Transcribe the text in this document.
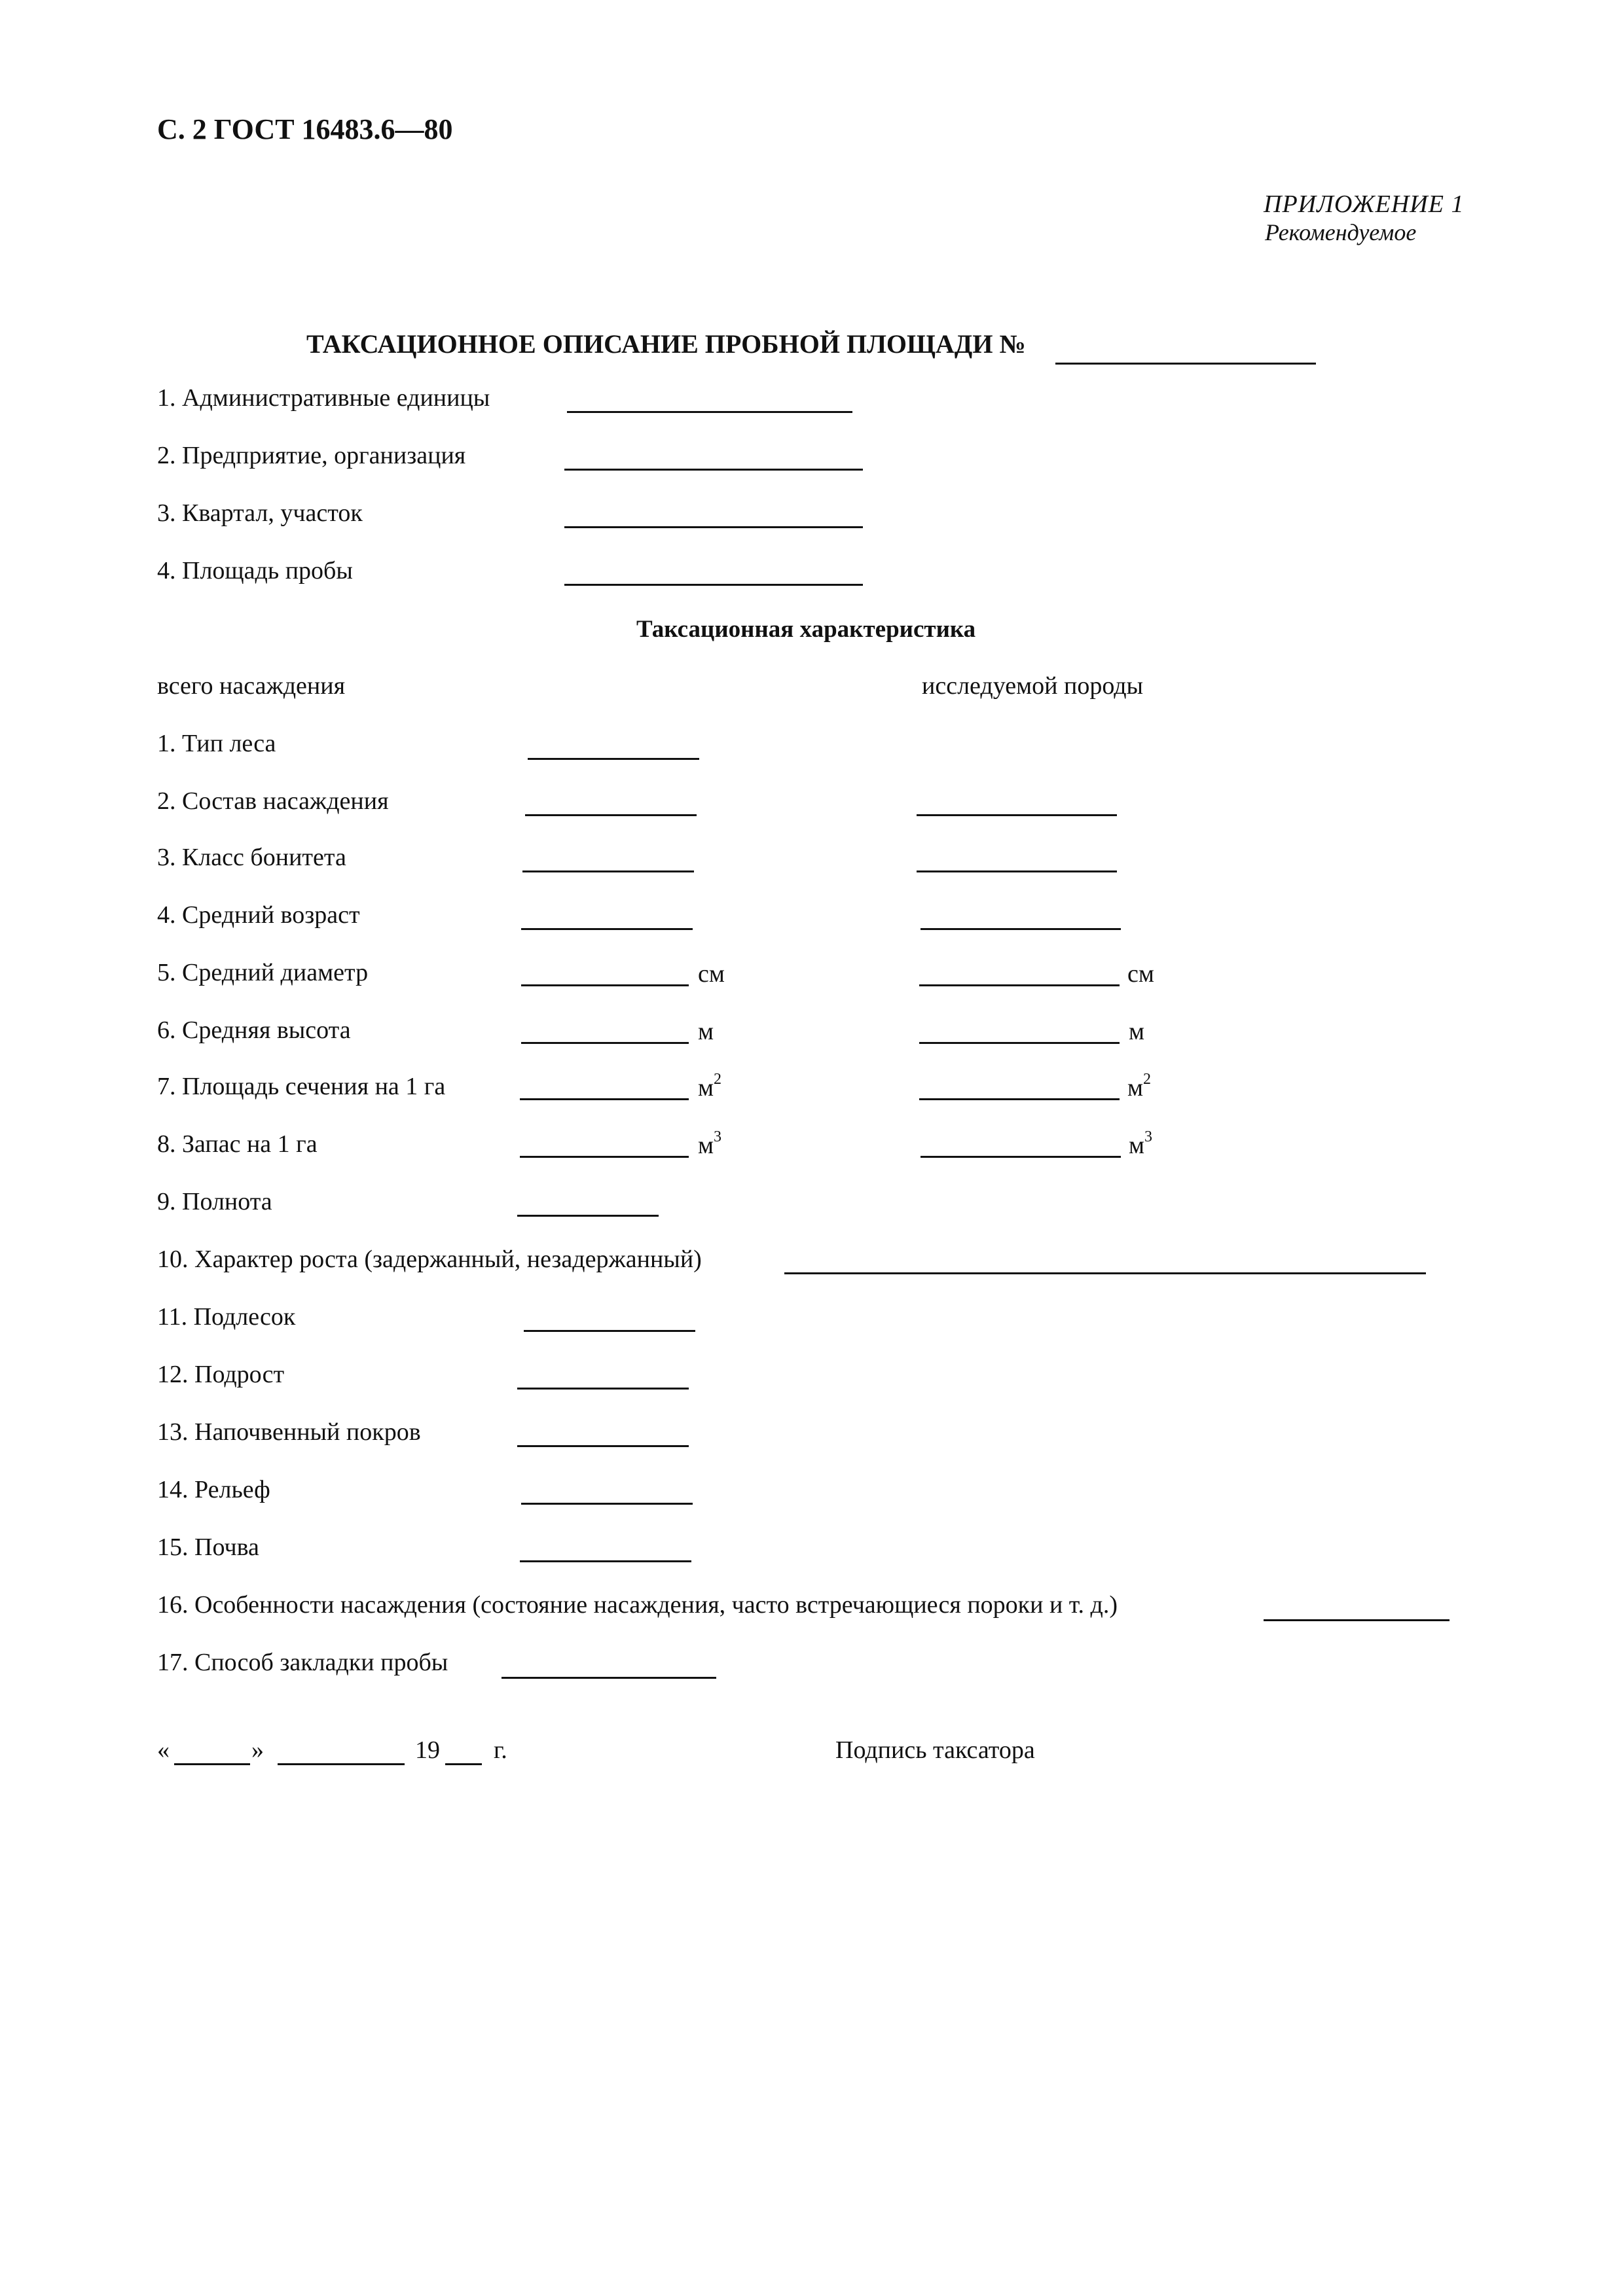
С. 2 ГОСТ 16483.6—80
ПРИЛОЖЕНИЕ 1
Рекомендуемое
ТАКСАЦИОННОЕ ОПИСАНИЕ ПРОБНОЙ ПЛОЩАДИ №
1. Административные единицы
2. Предприятие, организация
3. Квартал, участок
4. Площадь пробы
Таксационная характеристика
всего насаждения	исследуемой породы
1. Тип леса
2. Состав насаждения
3. Класс бонитета
4. Средний возраст
5. Средний диаметр	см	см
6. Средняя высота	м	м
7. Площадь сечения на 1 га	$м^2$	$м^2$
8. Запас на 1 га	$м^3$	$м^3$
9. Полнота
10. Характер роста (задержанный, незадержанный)
11. Подлесок
12. Подрост
13. Напочвенный покров
14. Рельеф
15. Почва
16. Особенности насаждения (состояние насаждения, часто встречающиеся пороки и т. д.)
17. Способ закладки пробы
«	»	19 г.	Подпись таксатора
